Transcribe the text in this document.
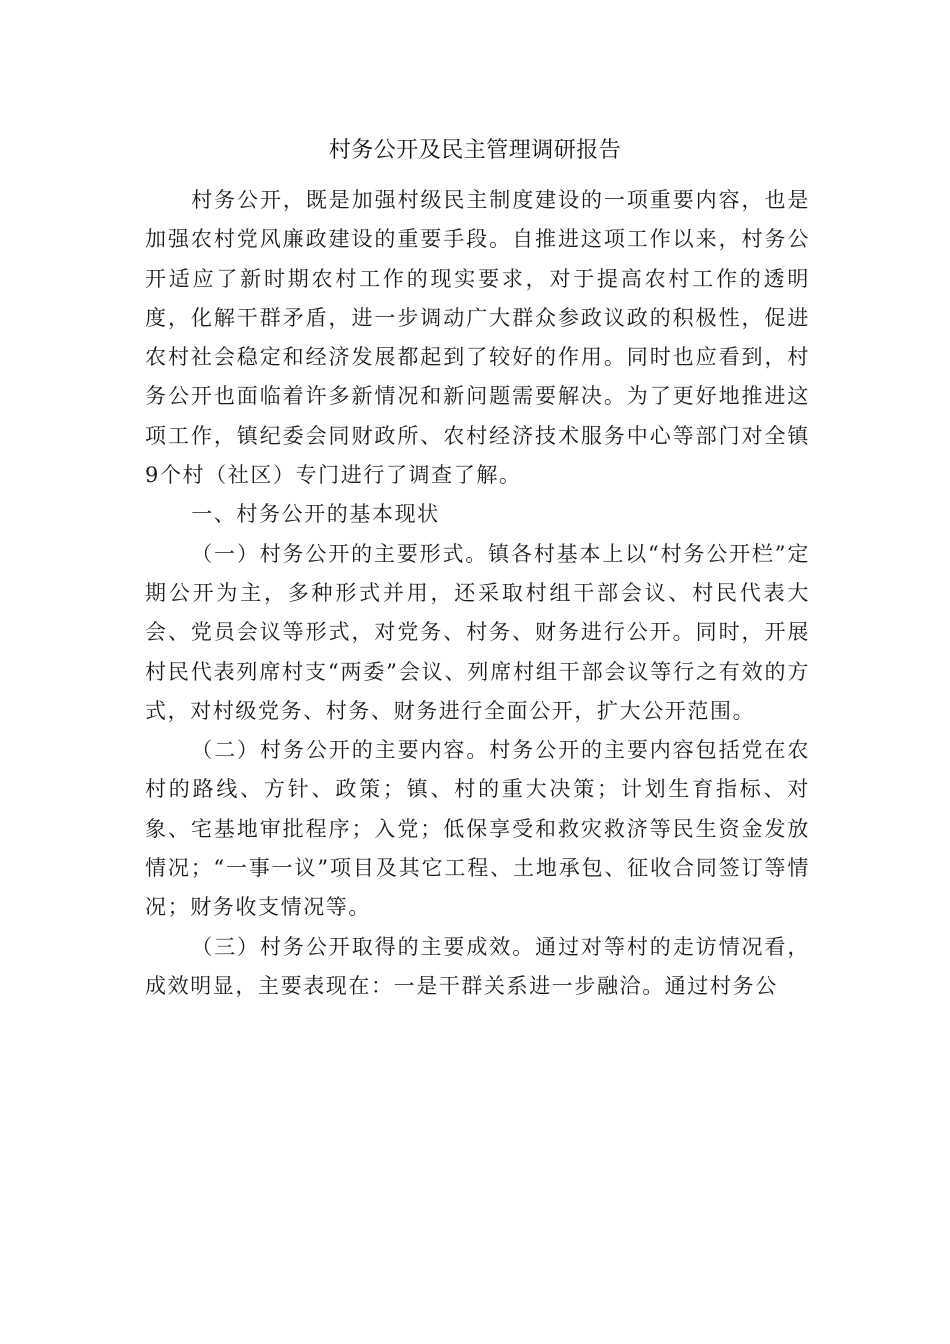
村务公开及民主管理调研报告

村务公开，既是加强村级民主制度建设的一项重要内容，也是加强农村党风廉政建设的重要手段。自推进这项工作以来，村务公开适应了新时期农村工作的现实要求，对于提高农村工作的透明度，化解干群矛盾，进一步调动广大群众参政议政的积极性，促进农村社会稳定和经济发展都起到了较好的作用。同时也应看到，村务公开也面临着许多新情况和新问题需要解决。为了更好地推进这项工作，镇纪委会同财政所、农村经济技术服务中心等部门对全镇9个村（社区）专门进行了调查了解。

一、村务公开的基本现状

（一）村务公开的主要形式。镇各村基本上以“村务公开栏”定期公开为主，多种形式并用，还采取村组干部会议、村民代表大会、党员会议等形式，对党务、村务、财务进行公开。同时，开展村民代表列席村支“两委”会议、列席村组干部会议等行之有效的方式，对村级党务、村务、财务进行全面公开，扩大公开范围。

（二）村务公开的主要内容。村务公开的主要内容包括党在农村的路线、方针、政策；镇、村的重大决策；计划生育指标、对象、宅基地审批程序；入党；低保享受和救灾救济等民生资金发放情况；“一事一议”项目及其它工程、土地承包、征收合同签订等情况；财务收支情况等。

（三）村务公开取得的主要成效。通过对等村的走访情况看，成效明显，主要表现在：一是干群关系进一步融洽。通过村务公
